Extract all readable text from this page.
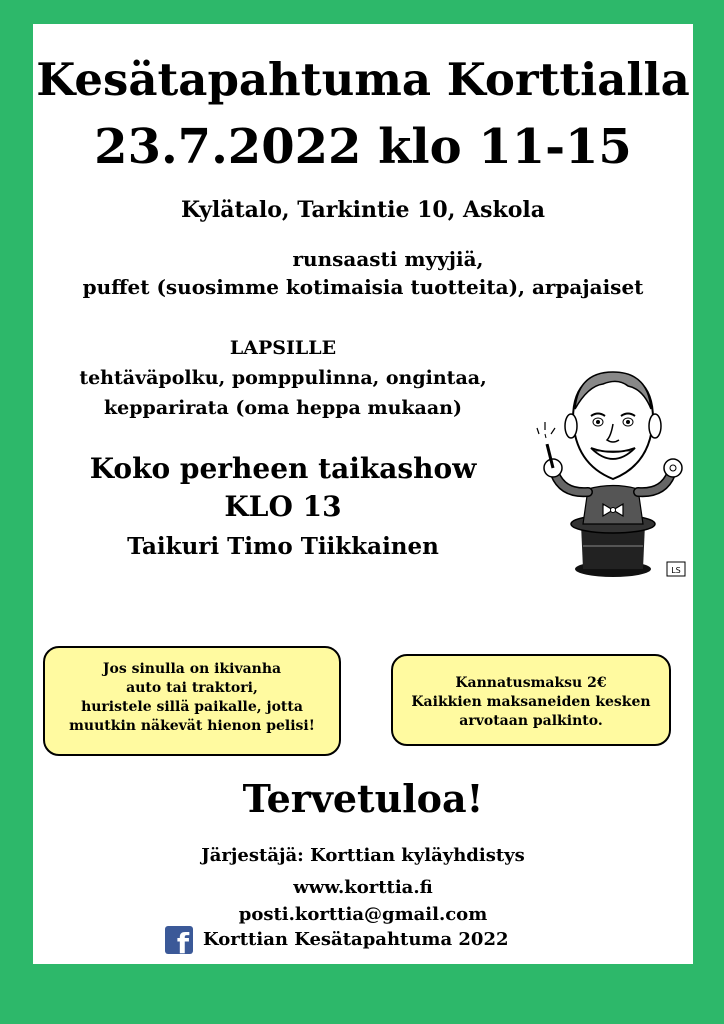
Kesätapahtuma Korttialla
23.7.2022 klo 11-15
Kylätalo, Tarkintie 10, Askola
runsaasti myyjiä,
puffet (suosimme kotimaisia tuotteita), arpajaiset
LAPSILLE
tehtäväpolku, pomppulinna, ongintaa,
kepparirata (oma heppa mukaan)
Koko perheen taikashow
KLO 13
Taikuri Timo Tiikkainen
LS
Jos sinulla on ikivanha
auto tai traktori,
huristele sillä paikalle, jotta
muutkin näkevät hienon pelisi!
Kannatusmaksu 2€
Kaikkien maksaneiden kesken
arvotaan palkinto.
Tervetuloa!
Järjestäjä: Korttian kyläyhdistys
www.korttia.fi
posti.korttia@gmail.com
f Korttian Kesätapahtuma 2022
